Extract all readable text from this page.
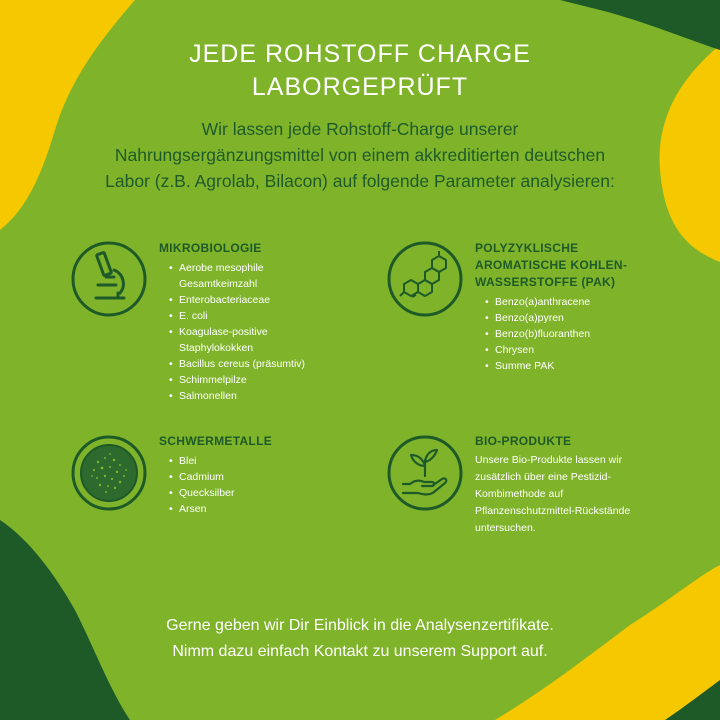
JEDE ROHSTOFF CHARGE
LABORGEPRÜFT
Wir lassen jede Rohstoff-Charge unserer
Nahrungsergänzungsmittel von einem akkreditierten deutschen
Labor (z.B. Agrolab, Bilacon) auf folgende Parameter analysieren:
MIKROBIOLOGIE
• Aerobe mesophile
Gesamtkeimzahl
• Enterobacteriaceae
• E. coli
• Koagulase-positive
Staphylokokken
• Bacillus cereus (präsumtiv)
• Schimmelpilze
• Salmonellen
POLYZYKLISCHE
AROMATISCHE KOHLEN-
WASSERSTOFFE (PAK)
• Benzo(a)anthracene
• Benzo(a)pyren
• Benzo(b)fluoranthen
• Chrysen
• Summe PAK
SCHWERMETALLE
• Blei
• Cadmium
• Quecksilber
• Arsen
BIO-PRODUKTE

Unsere Bio-Produkte lassen wir
zusätzlich über eine Pestizid-
Kombimethode auf
Pflanzenschutzmittel-Rückstände
untersuchen.

Gerne geben wir Dir Einblick in die Analysenzertifikate.
Nimm dazu einfach Kontakt zu unserem Support auf.
